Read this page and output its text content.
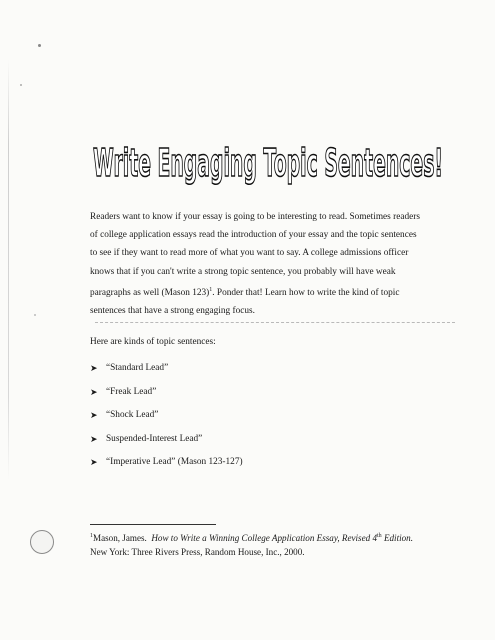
Write Engaging Topic Sentences!

Readers want to know if your essay is going to be interesting to read. Sometimes readers

of college application essays read the introduction of your essay and the topic sentences

to see if they want to read more of what you want to say. A college admissions officer

knows that if you can't write a strong topic sentence, you probably will have weak

paragraphs as well (Mason 123)$^1$. Ponder that! Learn how to write the kind of topic

sentences that have a strong engaging focus.

Here are kinds of topic sentences:
➤ “Standard Lead”
➤ “Freak Lead”
➤ “Shock Lead”
➤ Suspended-Interest Lead”
➤ “Imperative Lead” (Mason 123-127)

$^1$Mason, James. How to Write a Winning College Application Essay, Revised 4th Edition.

New York: Three Rivers Press, Random House, Inc., 2000.
